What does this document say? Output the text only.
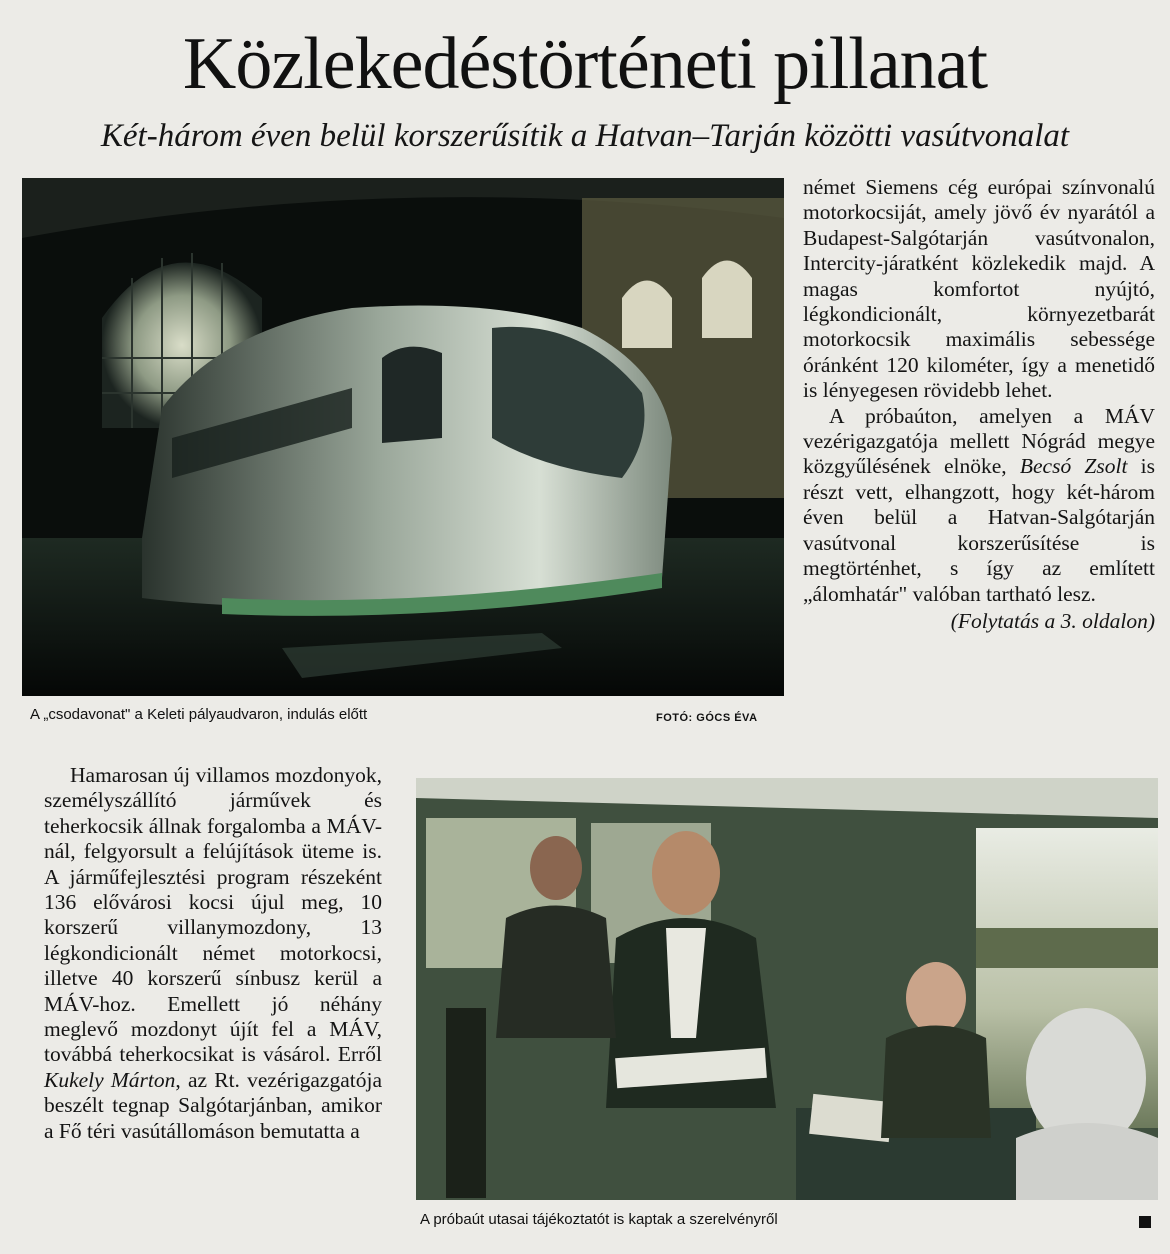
Közlekedéstörténeti pillanat
Két-három éven belül korszerűsítik a Hatvan–Tarján közötti vasútvonalat
A „csodavonat" a Keleti pályaudvaron, indulás előtt	FOTÓ: GÓCS ÉVA

német Siemens cég európai színvonalú motorkocsiját, amely jövő év nyarától a Budapest-Salgótarján vasútvonalon, Intercity-járatként közlekedik majd. A magas komfortot nyújtó, légkondicionált, környezetbarát motorkocsik maximális sebessége óránként 120 kilométer, így a menetidő is lényegesen rövidebb lehet.

A próbaúton, amelyen a MÁV vezérigazgatója mellett Nógrád megye közgyűlésének elnöke, Becsó Zsolt is részt vett, elhangzott, hogy két-három éven belül a Hatvan-Salgótarján vasútvonal korszerűsítése is megtörténhet, s így az említett „álomhatár" valóban tartható lesz.

(Folytatás a 3. oldalon)

Hamarosan új villamos mozdonyok, személyszállító járművek és teherkocsik állnak forgalomba a MÁV-nál, felgyorsult a felújítások üteme is. A járműfejlesztési program részeként 136 elővárosi kocsi újul meg, 10 korszerű villanymozdony, 13 légkondicionált német motorkocsi, illetve 40 korszerű sínbusz kerül a MÁV-hoz. Emellett jó néhány meglevő mozdonyt újít fel a MÁV, továbbá teherkocsikat is vásárol. Erről Kukely Márton, az Rt. vezérigazgatója beszélt tegnap Salgótarjánban, amikor a Fő téri vasútállomáson bemutatta a

A próbaút utasai tájékoztatót is kaptak a szerelvényről
